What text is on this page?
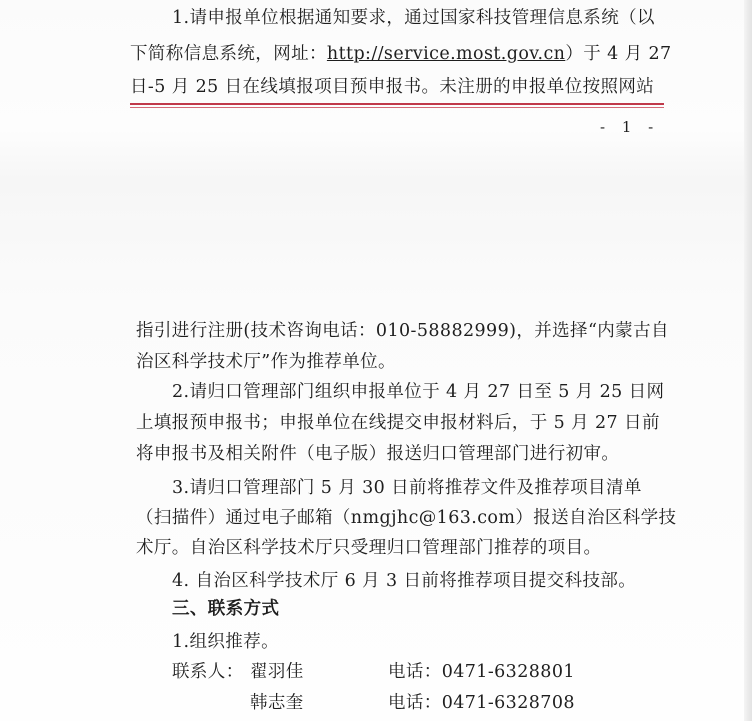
1.请申报单位根据通知要求，通过国家科技管理信息系统（以
下简称信息系统，网址：http://service.most.gov.cn）于 4 月 27
日-5 月 25 日在线填报项目预申报书。未注册的申报单位按照网站
- 1 -
指引进行注册(技术咨询电话：010-58882999)，并选择“内蒙古自
治区科学技术厅”作为推荐单位。
2.请归口管理部门组织申报单位于 4 月 27 日至 5 月 25 日网
上填报预申报书；申报单位在线提交申报材料后，于 5 月 27 日前
将申报书及相关附件（电子版）报送归口管理部门进行初审。
3.请归口管理部门 5 月 30 日前将推荐文件及推荐项目清单
（扫描件）通过电子邮箱（nmgjhc@163.com）报送自治区科学技
术厅。自治区科学技术厅只受理归口管理部门推荐的项目。
4. 自治区科学技术厅 6 月 3 日前将推荐项目提交科技部。
三、联系方式
1.组织推荐。
联系人： 翟羽佳	电话：0471-6328801
韩志奎	电话：0471-6328708
